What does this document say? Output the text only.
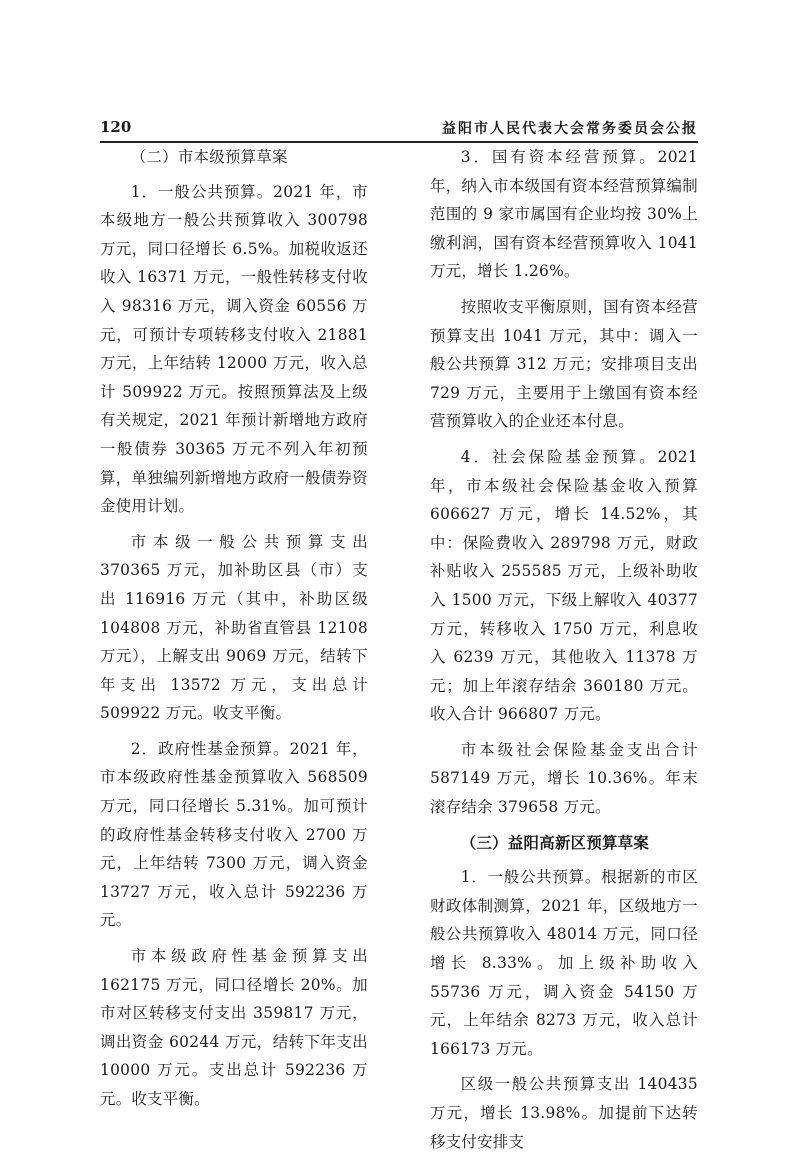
120	益阳市人民代表大会常务委员会公报

（二）市本级预算草案

1．一般公共预算。2021 年，市本级地方一般公共预算收入 300798 万元，同口径增长 6.5%。加税收返还收入 16371 万元，一般性转移支付收入 98316 万元，调入资金 60556 万元，可预计专项转移支付收入 21881 万元，上年结转 12000 万元，收入总计 509922 万元。按照预算法及上级有关规定，2021 年预计新增地方政府一般债券 30365 万元不列入年初预算，单独编列新增地方政府一般债券资金使用计划。

市本级一般公共预算支出 370365 万元，加补助区县（市）支出 116916 万元（其中，补助区级 104808 万元，补助省直管县 12108 万元），上解支出 9069 万元，结转下年支出 13572 万元，支出总计 509922 万元。收支平衡。

2．政府性基金预算。2021 年，市本级政府性基金预算收入 568509 万元，同口径增长 5.31%。加可预计的政府性基金转移支付收入 2700 万元，上年结转 7300 万元，调入资金 13727 万元，收入总计 592236 万元。

市本级政府性基金预算支出 162175 万元，同口径增长 20%。加市对区转移支付支出 359817 万元，调出资金 60244 万元，结转下年支出 10000 万元。支出总计 592236 万元。收支平衡。

3．国有资本经营预算。2021 年，纳入市本级国有资本经营预算编制范围的 9 家市属国有企业均按 30%上缴利润，国有资本经营预算收入 1041 万元，增长 1.26%。

按照收支平衡原则，国有资本经营预算支出 1041 万元，其中：调入一般公共预算 312 万元；安排项目支出 729 万元，主要用于上缴国有资本经营预算收入的企业还本付息。

4．社会保险基金预算。2021 年，市本级社会保险基金收入预算 606627 万元，增长 14.52%，其中：保险费收入 289798 万元，财政补贴收入 255585 万元，上级补助收入 1500 万元，下级上解收入 40377 万元，转移收入 1750 万元，利息收入 6239 万元，其他收入 11378 万元；加上年滚存结余 360180 万元。收入合计 966807 万元。

市本级社会保险基金支出合计 587149 万元，增长 10.36%。年末滚存结余 379658 万元。

（三）益阳高新区预算草案

1．一般公共预算。根据新的市区财政体制测算，2021 年，区级地方一般公共预算收入 48014 万元，同口径增长 8.33%。加上级补助收入 55736 万元，调入资金 54150 万元，上年结余 8273 万元，收入总计 166173 万元。

区级一般公共预算支出 140435 万元，增长 13.98%。加提前下达转移支付安排支
